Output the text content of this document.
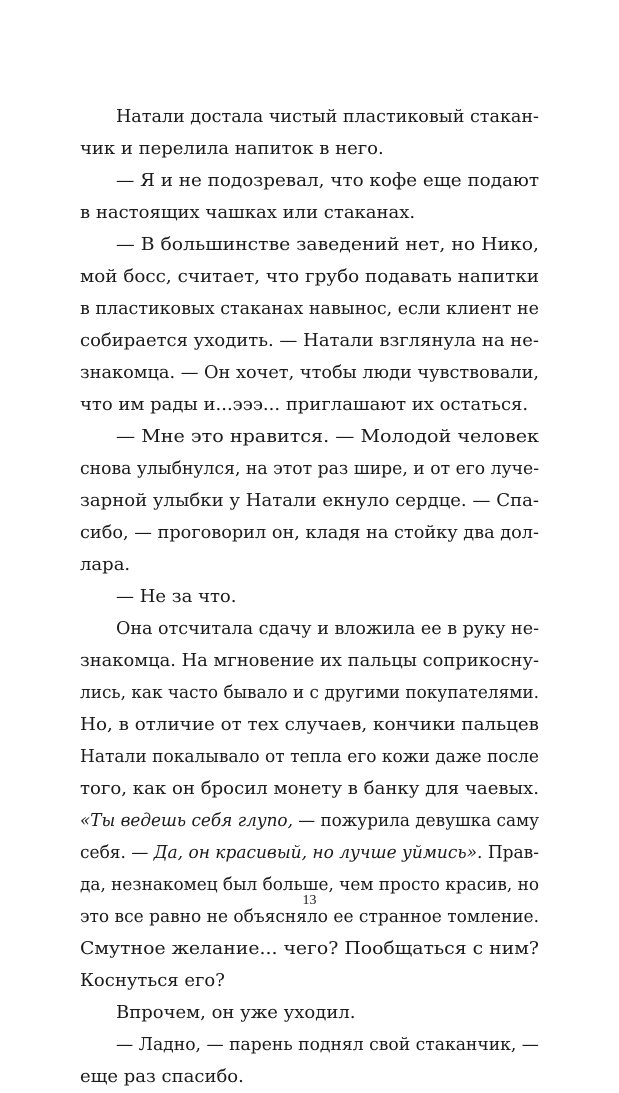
Натали достала чистый пластиковый стакан-
чик и перелила напиток в него.
— Я и не подозревал, что кофе еще подают
в настоящих чашках или стаканах.
— В большинстве заведений нет, но Нико,
мой босс, считает, что грубо подавать напитки
в пластиковых стаканах навынос, если клиент не
собирается уходить. — Натали взглянула на не-
знакомца. — Он хочет, чтобы люди чувствовали,
что им рады и...эээ... приглашают их остаться.
— Мне это нравится. — Молодой человек
снова улыбнулся, на этот раз шире, и от его луче-
зарной улыбки у Натали екнуло сердце. — Спа-
сибо, — проговорил он, кладя на стойку два дол-
лара.
— Не за что.
Она отсчитала сдачу и вложила ее в руку не-
знакомца. На мгновение их пальцы соприкосну-
лись, как часто бывало и с другими покупателями.
Но, в отличие от тех случаев, кончики пальцев
Натали покалывало от тепла его кожи даже после
того, как он бросил монету в банку для чаевых.
«Ты ведешь себя глупо, — пожурила девушка саму
себя. — Да, он красивый, но лучше уймись». Прав-
да, незнакомец был больше, чем просто красив, но
это все равно не объясняло ее странное томление.
Смутное желание... чего? Пообщаться с ним?
Коснуться его?
Впрочем, он уже уходил.
— Ладно, — парень поднял свой стаканчик, —
еще раз спасибо.
13
